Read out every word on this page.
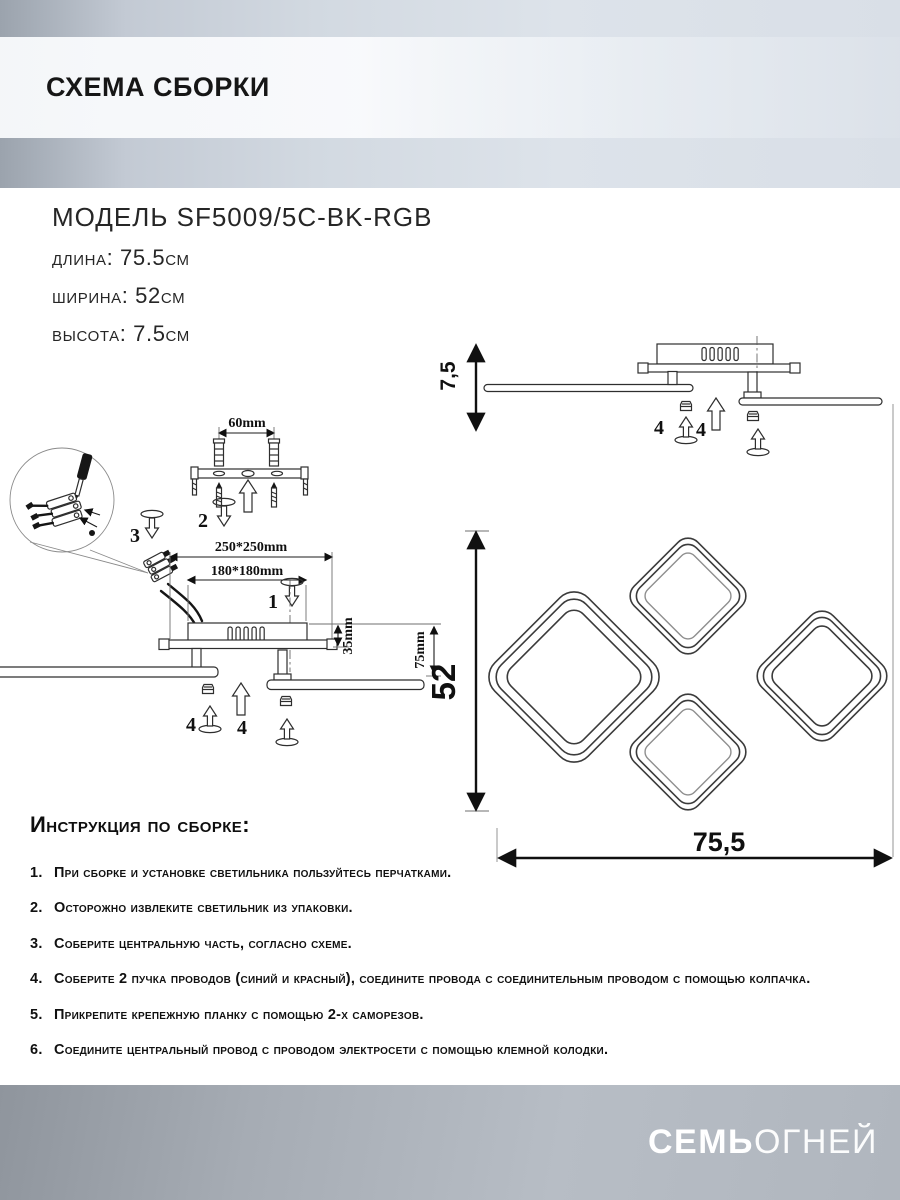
СХЕМА СБОРКИ
МОДЕЛЬ SF5009/5C-BK-RGB
длина: 75.5см
ширина: 52см
высота: 7.5см
7,5
4 4
60mm
2
3
250*250mm
180*180mm
1
4 4
35mm	75mm
52
75,5
Инструкция по сборке:
1. При сборке и установке светильника пользуйтесь перчатками.
2. Осторожно извлеките светильник из упаковки.
3. Соберите центральную часть, согласно схеме.
4. Соберите 2 пучка проводов (синий и красный), соедините провода с соединительным проводом с помощью колпачка.
5. Прикрепите крепежную планку с помощью 2-х саморезов.
6. Соедините центральный провод с проводом электросети с помощью клемной колодки.
СЕМЬОГНЕЙ
